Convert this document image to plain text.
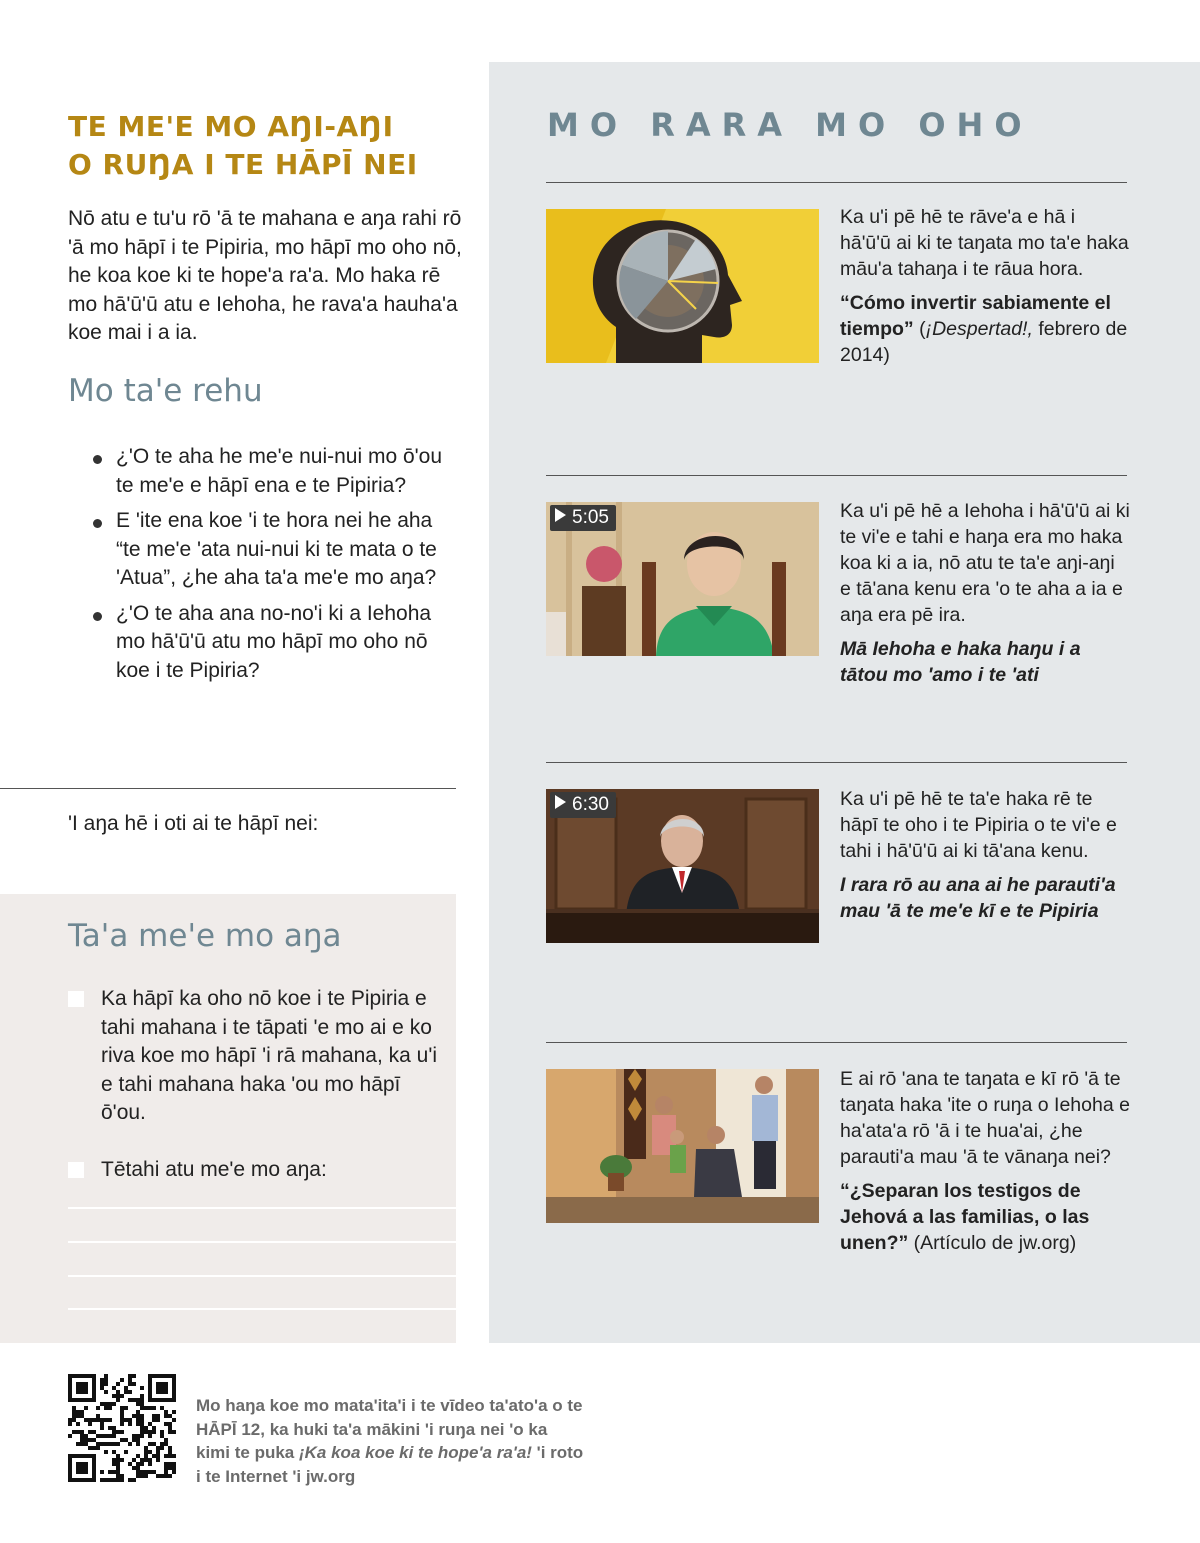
TE ME'E MO AŊI-AŊI
O RUŊA I TE HĀPĪ NEI

Nō atu e tu'u rō 'ā te mahana e aŋa rahi rō 'ā mo hāpī i te Pipiria, mo hāpī mo oho nō, he koa koe ki te hope'a ra'a. Mo haka rē mo hā'ū'ū atu e Iehoha, he rava'a hauha'a koe mai i a ia.

Mo ta'e rehu
¿'O te aha he me'e nui-nui mo ō'ou te me'e e hāpī ena e te Pipiria?
E 'ite ena koe 'i te hora nei he aha “te me'e 'ata nui-nui ki te mata o te 'Atua”, ¿he aha ta'a me'e mo aŋa?
¿'O te aha ana no-no'i ki a Iehoha mo hā'ū'ū atu mo hāpī mo oho nō koe i te Pipiria?

'I aŋa hē i oti ai te hāpī nei:

Ta'a me'e mo aŋa
Ka hāpī ka oho nō koe i te Pipiria e tahi mahana i te tāpati 'e mo ai e ko riva koe mo hāpī 'i rā mahana, ka u'i e tahi mahana haka 'ou mo hāpī ō'ou.
Tētahi atu me'e mo aŋa:
MO RARA MO OHO

Ka u'i pē hē te rāve'a e hā i hā'ū'ū ai ki te taŋata mo ta'e haka māu'a tahaŋa i te rāua hora.

“Cómo invertir sabiamente el tiempo” (¡Despertad!, febrero de 2014)

5:05	Ka u'i pē hē a Iehoha i hā'ū'ū ai ki te vi'e e tahi e haŋa era mo haka koa ki a ia, nō atu te ta'e aŋi-aŋi e tā'ana kenu era 'o te aha a ia e aŋa era pē ira.

Mā Iehoha e haka haŋu i a tātou mo 'amo i te 'ati

6:30	Ka u'i pē hē te ta'e haka rē te hāpī te oho i te Pipiria o te vi'e e tahi i hā'ū'ū ai ki tā'ana kenu.

I rara rō au ana ai he parauti'a mau 'ā te me'e kī e te Pipiria

E ai rō 'ana te taŋata e kī rō 'ā te taŋata haka 'ite o ruŋa o Iehoha e ha'ata'a rō 'ā i te hua'ai, ¿he parauti'a mau 'ā te vānaŋa nei?

“¿Separan los testigos de Jehová a las familias, o las unen?” (Artículo de jw.org)

Mo haŋa koe mo mata'ita'i i te vīdeo ta'ato'a o te HĀPĪ 12, ka huki ta'a mākini 'i ruŋa nei 'o ka kimi te puka ¡Ka koa koe ki te hope'a ra'a! 'i roto i te Internet 'i jw.org
